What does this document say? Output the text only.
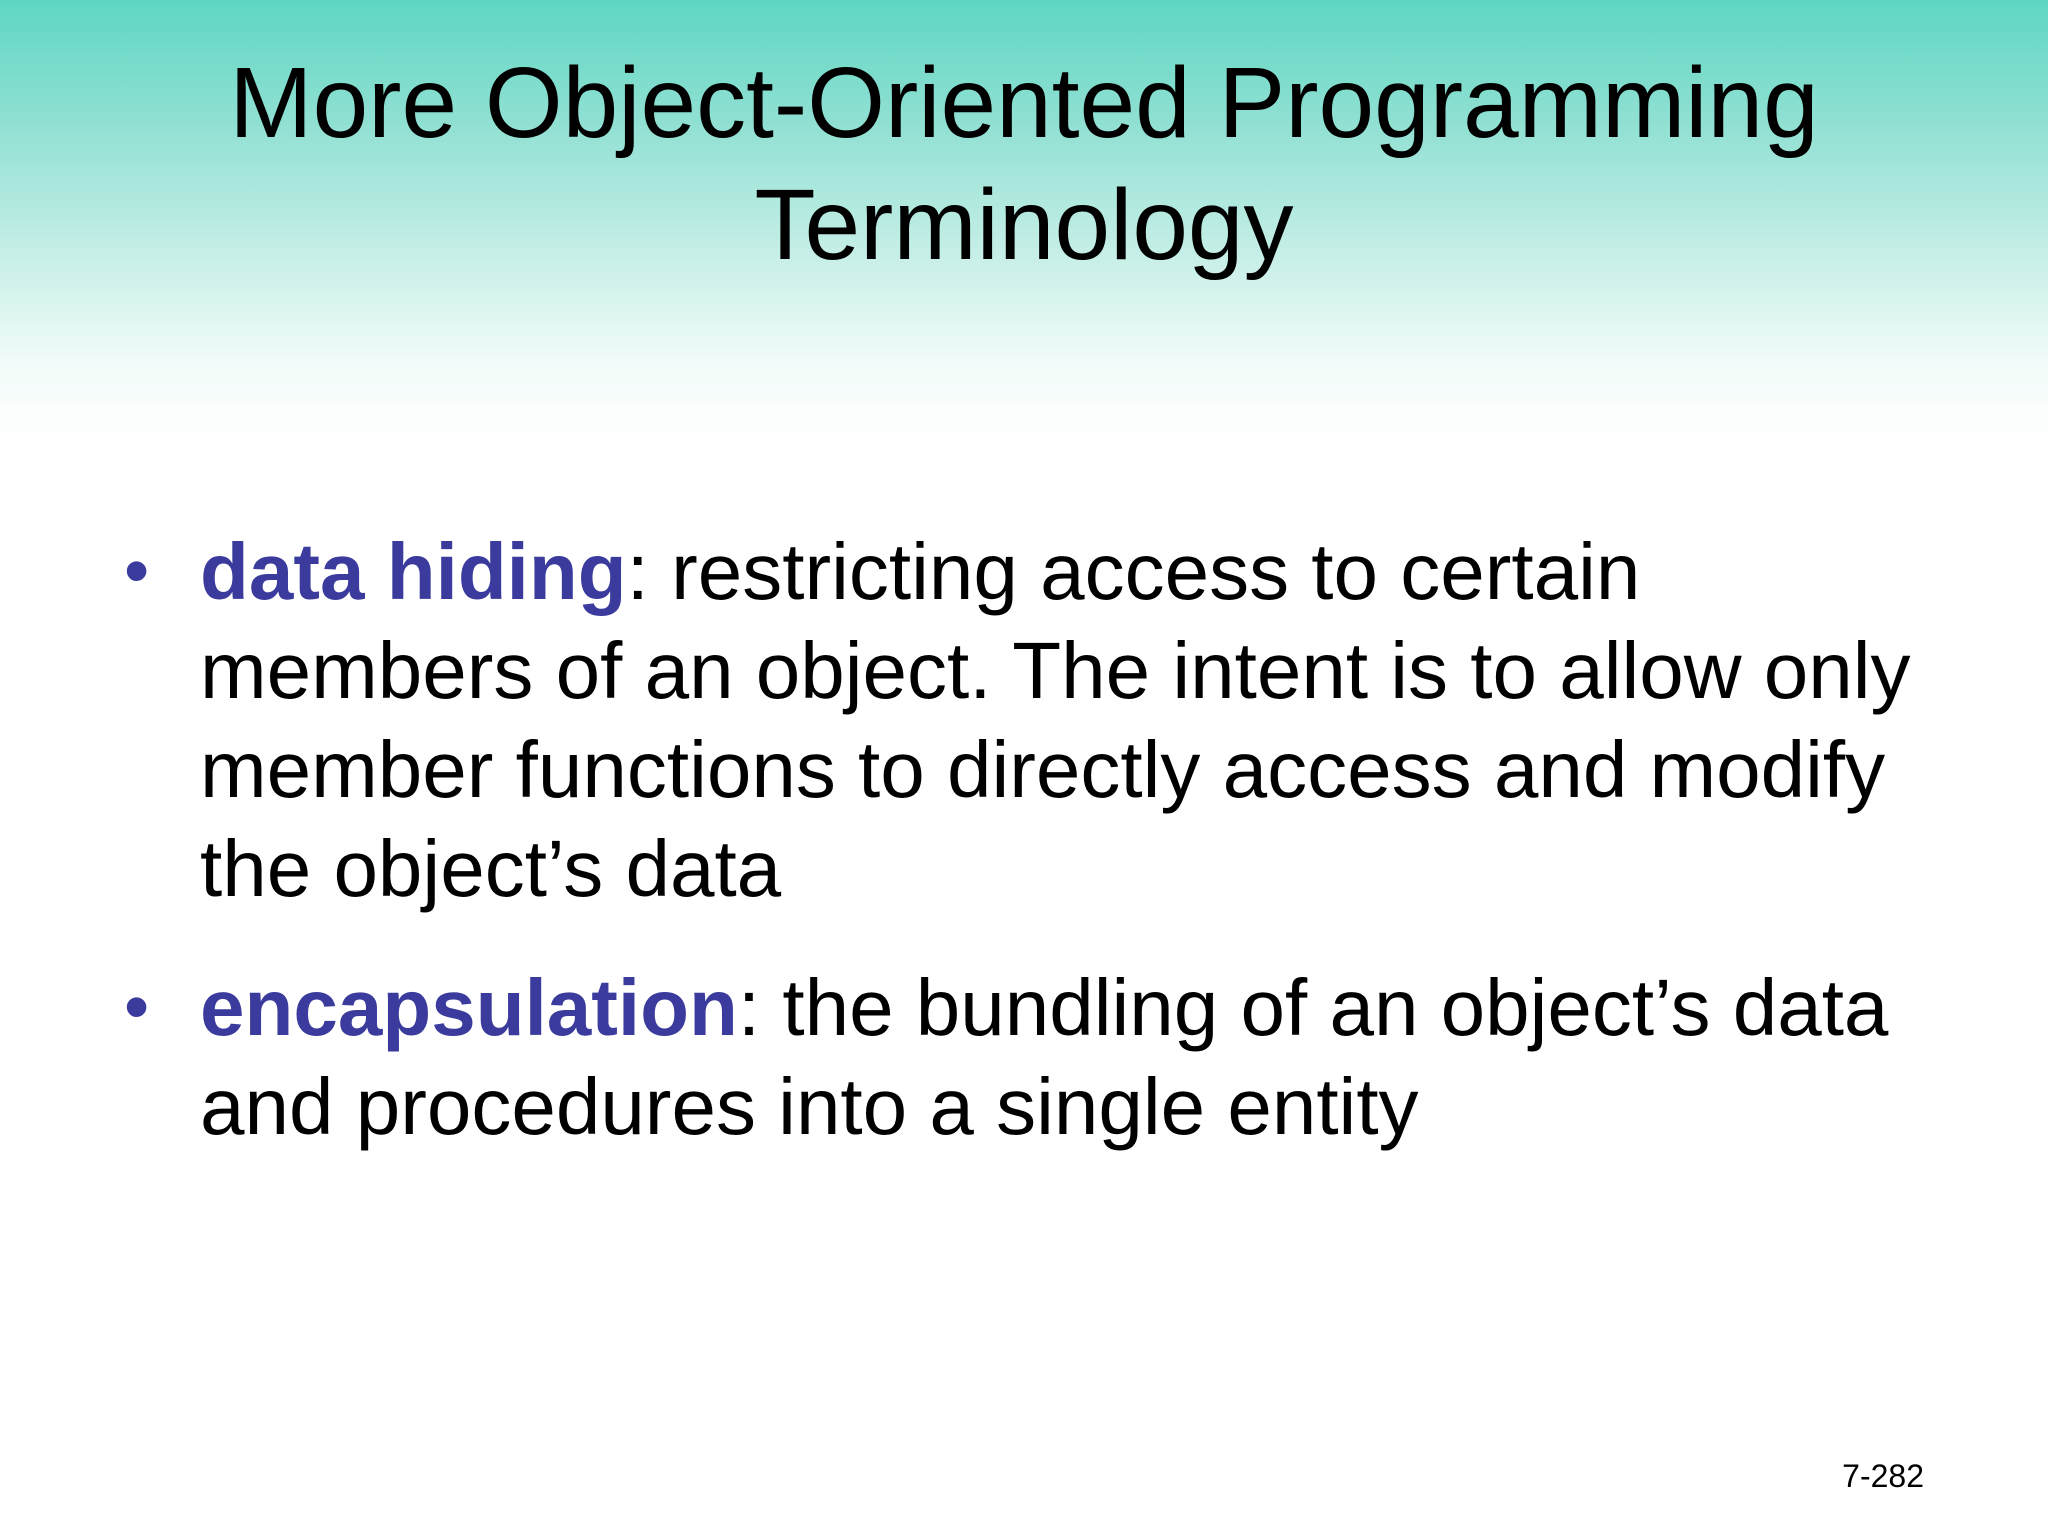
More Object-Oriented Programming
Terminology
• data hiding: restricting access to certain members of an object. The intent is to allow only member functions to directly access and modify the object’s data
• encapsulation: the bundling of an object’s data and procedures into a single entity
7-282
